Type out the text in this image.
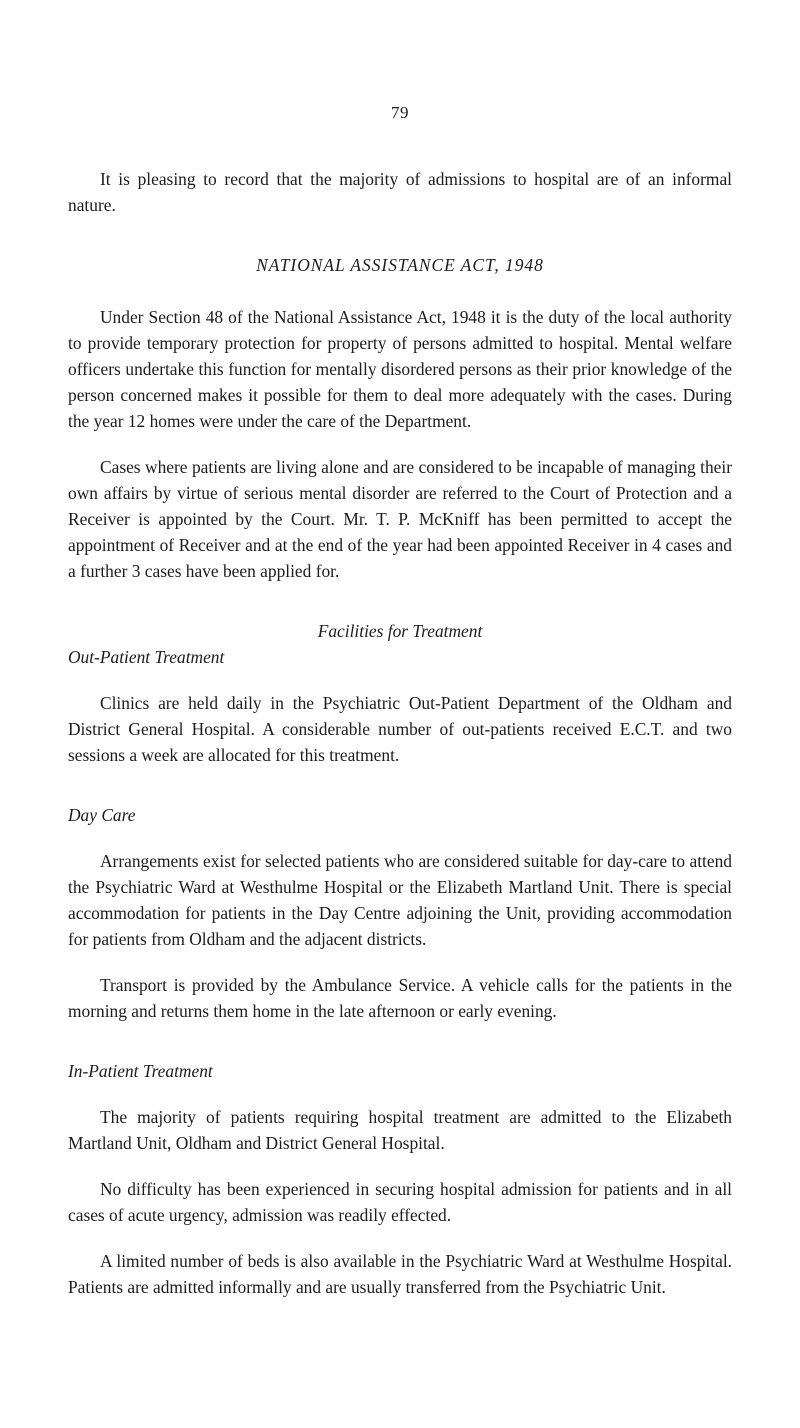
79

It is pleasing to record that the majority of admissions to hospital are of an informal nature.

NATIONAL ASSISTANCE ACT, 1948

Under Section 48 of the National Assistance Act, 1948 it is the duty of the local authority to provide temporary protection for property of persons admitted to hospital. Mental welfare officers undertake this function for mentally disordered persons as their prior knowledge of the person concerned makes it possible for them to deal more adequately with the cases. During the year 12 homes were under the care of the Department.

Cases where patients are living alone and are considered to be incapable of managing their own affairs by virtue of serious mental disorder are referred to the Court of Protection and a Receiver is appointed by the Court. Mr. T. P. McKniff has been permitted to accept the appointment of Receiver and at the end of the year had been appointed Receiver in 4 cases and a further 3 cases have been applied for.

Facilities for Treatment

Out-Patient Treatment

Clinics are held daily in the Psychiatric Out-Patient Department of the Oldham and District General Hospital. A considerable number of out-patients received E.C.T. and two sessions a week are allocated for this treatment.

Day Care

Arrangements exist for selected patients who are considered suitable for day-care to attend the Psychiatric Ward at Westhulme Hospital or the Elizabeth Martland Unit. There is special accommodation for patients in the Day Centre adjoining the Unit, providing accommodation for patients from Oldham and the adjacent districts.

Transport is provided by the Ambulance Service. A vehicle calls for the patients in the morning and returns them home in the late afternoon or early evening.

In-Patient Treatment

The majority of patients requiring hospital treatment are admitted to the Elizabeth Martland Unit, Oldham and District General Hospital.

No difficulty has been experienced in securing hospital admission for patients and in all cases of acute urgency, admission was readily effected.

A limited number of beds is also available in the Psychiatric Ward at Westhulme Hospital. Patients are admitted informally and are usually transferred from the Psychiatric Unit.
